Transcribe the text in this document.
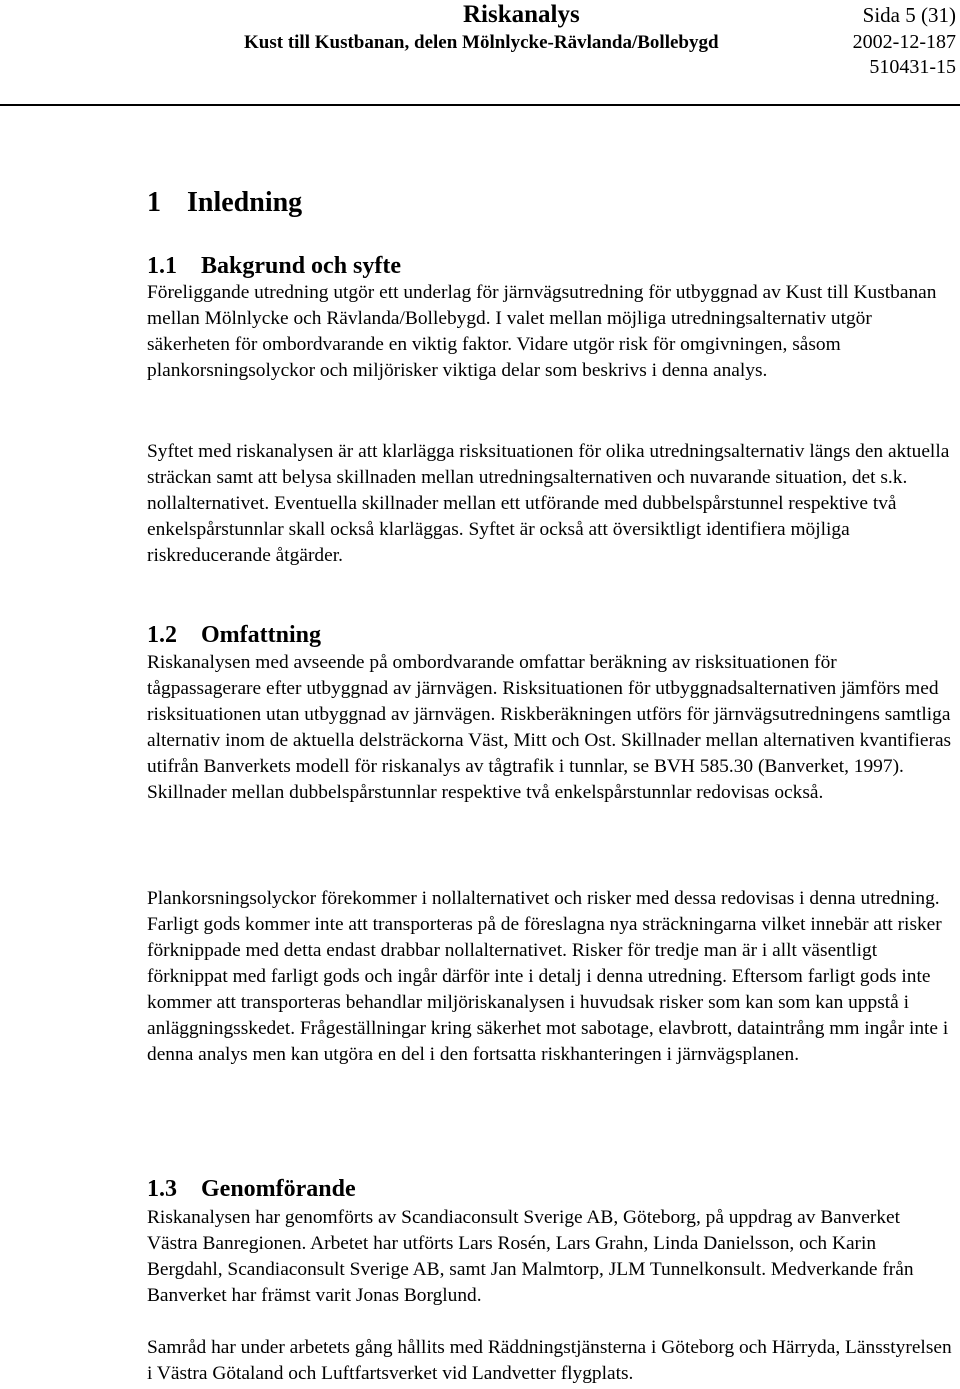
Riskanalys	Sida 5 (31)
Kust till Kustbanan, delen Mölnlycke-Rävlanda/Bollebygd	2002-12-187
510431-15
1 Inledning
1.1 Bakgrund och syfte

Föreliggande utredning utgör ett underlag för järnvägsutredning för utbyggnad av Kust till Kustbanan mellan Mölnlycke och Rävlanda/Bollebygd. I valet mellan möjliga utredningsalternativ utgör säkerheten för ombordvarande en viktig faktor. Vidare utgör risk för omgivningen, såsom plankorsningsolyckor och miljörisker viktiga delar som beskrivs i denna analys.

Syftet med riskanalysen är att klarlägga risksituationen för olika utredningsalternativ längs den aktuella sträckan samt att belysa skillnaden mellan utredningsalternativen och nuvarande situation, det s.k. nollalternativet. Eventuella skillnader mellan ett utförande med dubbelspårstunnel respektive två enkelspårstunnlar skall också klarläggas. Syftet är också att översiktligt identifiera möjliga riskreducerande åtgärder.

1.2 Omfattning

Riskanalysen med avseende på ombordvarande omfattar beräkning av risksituationen för tågpassagerare efter utbyggnad av järnvägen. Risksituationen för utbyggnadsalternativen jämförs med risksituationen utan utbyggnad av järnvägen. Riskberäkningen utförs för järnvägsutredningens samtliga alternativ inom de aktuella delsträckorna Väst, Mitt och Ost. Skillnader mellan alternativen kvantifieras utifrån Banverkets modell för riskanalys av tågtrafik i tunnlar, se BVH 585.30 (Banverket, 1997). Skillnader mellan dubbelspårstunnlar respektive två enkelspårstunnlar redovisas också.

Plankorsningsolyckor förekommer i nollalternativet och risker med dessa redovisas i denna utredning. Farligt gods kommer inte att transporteras på de föreslagna nya sträckningarna vilket innebär att risker förknippade med detta endast drabbar nollalternativet. Risker för tredje man är i allt väsentligt förknippat med farligt gods och ingår därför inte i detalj i denna utredning. Eftersom farligt gods inte kommer att transporteras behandlar miljöriskanalysen i huvudsak risker som kan som kan uppstå i anläggningsskedet. Frågeställningar kring säkerhet mot sabotage, elavbrott, dataintrång mm ingår inte i denna analys men kan utgöra en del i den fortsatta riskhanteringen i järnvägsplanen.

1.3 Genomförande

Riskanalysen har genomförts av Scandiaconsult Sverige AB, Göteborg, på uppdrag av Banverket Västra Banregionen. Arbetet har utförts Lars Rosén, Lars Grahn, Linda Danielsson, och Karin Bergdahl, Scandiaconsult Sverige AB, samt Jan Malmtorp, JLM Tunnelkonsult. Medverkande från Banverket har främst varit Jonas Borglund.

Samråd har under arbetets gång hållits med Räddningstjänsterna i Göteborg och Härryda, Länsstyrelsen i Västra Götaland och Luftfartsverket vid Landvetter flygplats.
